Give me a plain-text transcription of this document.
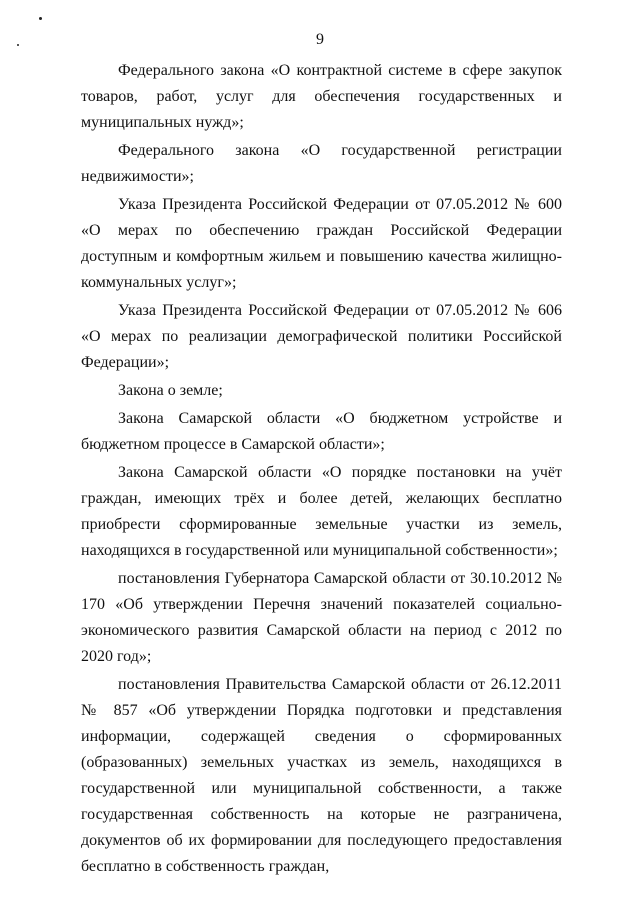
9

Федерального закона «О контрактной системе в сфере закупок товаров, работ, услуг для обеспечения государственных и муниципальных нужд»;

Федерального закона «О государственной регистрации недвижимости»;

Указа Президента Российской Федерации от 07.05.2012 № 600 «О мерах по обеспечению граждан Российской Федерации доступным и комфортным жильем и повышению качества жилищно-коммунальных услуг»;

Указа Президента Российской Федерации от 07.05.2012 № 606 «О мерах по реализации демографической политики Российской Федерации»;

Закона о земле;

Закона Самарской области «О бюджетном устройстве и бюджетном процессе в Самарской области»;

Закона Самарской области «О порядке постановки на учёт граждан, имеющих трёх и более детей, желающих бесплатно приобрести сформированные земельные участки из земель, находящихся в государственной или муниципальной собственности»;

постановления Губернатора Самарской области от 30.10.2012 № 170 «Об утверждении Перечня значений показателей социально-экономического развития Самарской области на период с 2012 по 2020 год»;

постановления Правительства Самарской области от 26.12.2011 № 857 «Об утверждении Порядка подготовки и представления информации, содержащей сведения о сформированных (образованных) земельных участках из земель, находящихся в государственной или муниципальной собственности, а также государственная собственность на которые не разграничена, документов об их формировании для последующего предоставления бесплатно в собственность граждан,
